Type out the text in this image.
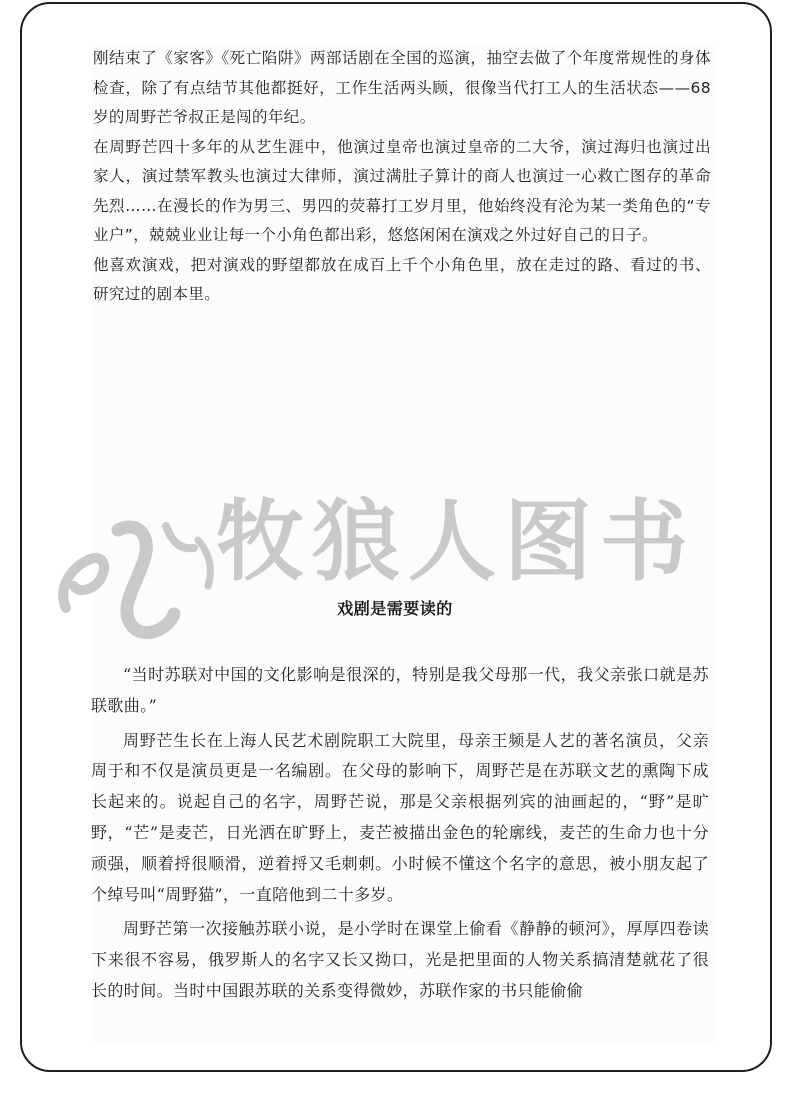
刚结束了《家客》《死亡陷阱》两部话剧在全国的巡演，抽空去做了个年度常规性的身体检查，除了有点结节其他都挺好，工作生活两头顾，很像当代打工人的生活状态——68 岁的周野芒爷叔正是闯的年纪。

在周野芒四十多年的从艺生涯中，他演过皇帝也演过皇帝的二大爷，演过海归也演过出家人，演过禁军教头也演过大律师，演过满肚子算计的商人也演过一心救亡图存的革命先烈……在漫长的作为男三、男四的荧幕打工岁月里，他始终没有沦为某一类角色的“专业户”，兢兢业业让每一个小角色都出彩，悠悠闲闲在演戏之外过好自己的日子。

他喜欢演戏，把对演戏的野望都放在成百上千个小角色里，放在走过的路、看过的书、研究过的剧本里。

牧狼人图书
戏剧是需要读的

“当时苏联对中国的文化影响是很深的，特别是我父母那一代，我父亲张口就是苏联歌曲。”

周野芒生长在上海人民艺术剧院职工大院里，母亲王频是人艺的著名演员，父亲周于和不仅是演员更是一名编剧。在父母的影响下，周野芒是在苏联文艺的熏陶下成长起来的。说起自己的名字，周野芒说，那是父亲根据列宾的油画起的，“野”是旷野，“芒”是麦芒，日光洒在旷野上，麦芒被描出金色的轮廓线，麦芒的生命力也十分顽强，顺着捋很顺滑，逆着捋又毛刺刺。小时候不懂这个名字的意思，被小朋友起了个绰号叫“周野猫”，一直陪他到二十多岁。

周野芒第一次接触苏联小说，是小学时在课堂上偷看《静静的顿河》，厚厚四卷读下来很不容易，俄罗斯人的名字又长又拗口，光是把里面的人物关系搞清楚就花了很长的时间。当时中国跟苏联的关系变得微妙，苏联作家的书只能偷偷
